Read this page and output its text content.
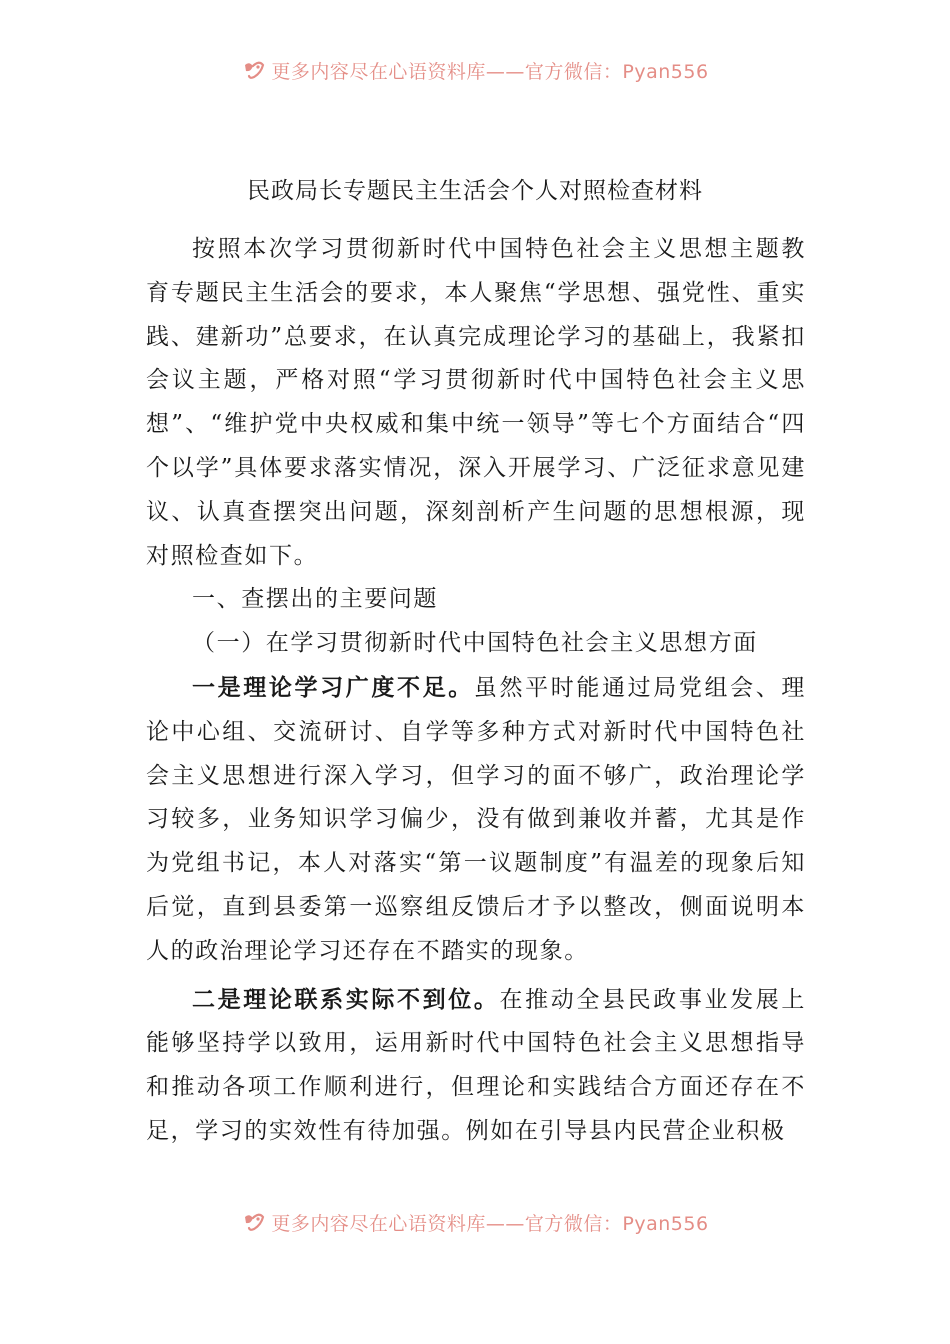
更多内容尽在心语资料库——官方微信：Pyan556
民政局长专题民主生活会个人对照检查材料

按照本次学习贯彻新时代中国特色社会主义思想主题教育专题民主生活会的要求，本人聚焦“学思想、强党性、重实践、建新功”总要求，在认真完成理论学习的基础上，我紧扣会议主题，严格对照“学习贯彻新时代中国特色社会主义思想”、“维护党中央权威和集中统一领导”等七个方面结合“四个以学”具体要求落实情况，深入开展学习、广泛征求意见建议、认真查摆突出问题，深刻剖析产生问题的思想根源，现对照检查如下。

一、查摆出的主要问题

（一）在学习贯彻新时代中国特色社会主义思想方面

一是理论学习广度不足。虽然平时能通过局党组会、理论中心组、交流研讨、自学等多种方式对新时代中国特色社会主义思想进行深入学习，但学习的面不够广，政治理论学习较多，业务知识学习偏少，没有做到兼收并蓄，尤其是作为党组书记，本人对落实“第一议题制度”有温差的现象后知后觉，直到县委第一巡察组反馈后才予以整改，侧面说明本人的政治理论学习还存在不踏实的现象。

二是理论联系实际不到位。在推动全县民政事业发展上能够坚持学以致用，运用新时代中国特色社会主义思想指导和推动各项工作顺利进行，但理论和实践结合方面还存在不足，学习的实效性有待加强。例如在引导县内民营企业积极

更多内容尽在心语资料库——官方微信：Pyan556
